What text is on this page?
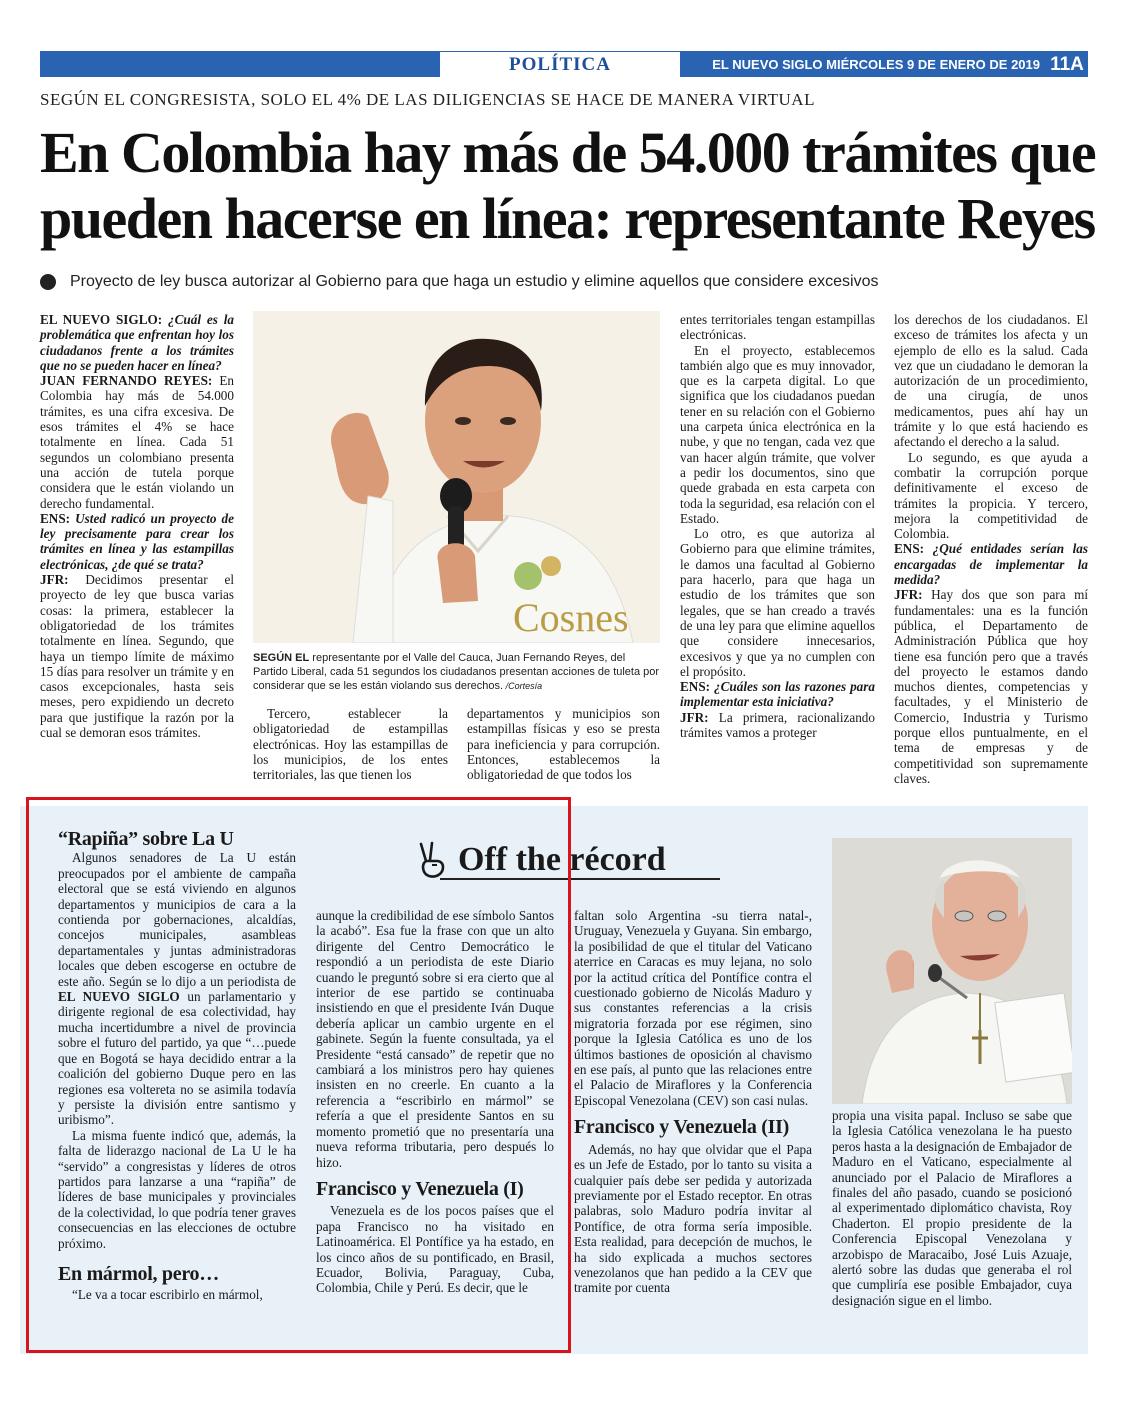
POLÍTICA	EL NUEVO SIGLO MIÉRCOLES 9 DE ENERO DE 2019 11A
SEGÚN EL CONGRESISTA, SOLO EL 4% DE LAS DILIGENCIAS SE HACE DE MANERA VIRTUAL
En Colombia hay más de 54.000 trámites que pueden hacerse en línea: representante Reyes
Proyecto de ley busca autorizar al Gobierno para que haga un estudio y elimine aquellos que considere excesivos

EL NUEVO SIGLO: ¿Cuál es la problemática que enfrentan hoy los ciudadanos frente a los trámites que no se pueden hacer en línea?

JUAN FERNANDO REYES: En Colombia hay más de 54.000 trámites, es una cifra excesiva. De esos trámites el 4% se hace totalmente en línea. Cada 51 segundos un colombiano presenta una acción de tutela porque considera que le están violando un derecho fundamental.

ENS: Usted radicó un proyecto de ley precisamente para crear los trámites en línea y las estampillas electrónicas, ¿de qué se trata?

JFR: Decidimos presentar el proyecto de ley que busca varias cosas: la primera, establecer la obligatoriedad de los trámites totalmente en línea. Segundo, que haya un tiempo límite de máximo 15 días para resolver un trámite y en casos excepcionales, hasta seis meses, pero expidiendo un decreto para que justifique la razón por la cual se demoran esos trámites.

Cosnes
SEGÚN EL representante por el Valle del Cauca, Juan Fernando Reyes, del Partido Liberal, cada 51 segundos los ciudadanos presentan acciones de tuleta por considerar que se les están violando sus derechos. /Cortesía

Tercero, establecer la obligatoriedad de estampillas electrónicas. Hoy las estampillas de los municipios, de los entes territoriales, las que tienen los

departamentos y municipios son estampillas físicas y eso se presta para ineficiencia y para corrupción. Entonces, establecemos la obligatoriedad de que todos los

entes territoriales tengan estampillas electrónicas.

En el proyecto, establecemos también algo que es muy innovador, que es la carpeta digital. Lo que significa que los ciudadanos puedan tener en su relación con el Gobierno una carpeta única electrónica en la nube, y que no tengan, cada vez que van hacer algún trámite, que volver a pedir los documentos, sino que quede grabada en esta carpeta con toda la seguridad, esa relación con el Estado.

Lo otro, es que autoriza al Gobierno para que elimine trámites, le damos una facultad al Gobierno para hacerlo, para que haga un estudio de los trámites que son legales, que se han creado a través de una ley para que elimine aquellos que considere innecesarios, excesivos y que ya no cumplen con el propósito.

ENS: ¿Cuáles son las razones para implementar esta iniciativa?

JFR: La primera, racionalizando trámites vamos a proteger

los derechos de los ciudadanos. El exceso de trámites los afecta y un ejemplo de ello es la salud. Cada vez que un ciudadano le demoran la autorización de un procedimiento, de una cirugía, de unos medicamentos, pues ahí hay un trámite y lo que está haciendo es afectando el derecho a la salud.

Lo segundo, es que ayuda a combatir la corrupción porque definitivamente el exceso de trámites la propicia. Y tercero, mejora la competitividad de Colombia.

ENS: ¿Qué entidades serían las encargadas de implementar la medida?

JFR: Hay dos que son para mí fundamentales: una es la función pública, el Departamento de Administración Pública que hoy tiene esa función pero que a través del proyecto le estamos dando muchos dientes, competencias y facultades, y el Ministerio de Comercio, Industria y Turismo porque ellos puntualmente, en el tema de empresas y de competitividad son supremamente claves.

Off the récord
“Rapiña” sobre La U

Algunos senadores de La U están preocupados por el ambiente de campaña electoral que se está viviendo en algunos departamentos y municipios de cara a la contienda por gobernaciones, alcaldías, concejos municipales, asambleas departamentales y juntas administradoras locales que deben escogerse en octubre de este año. Según se lo dijo a un periodista de EL NUEVO SIGLO un parlamentario y dirigente regional de esa colectividad, hay mucha incertidumbre a nivel de provincia sobre el futuro del partido, ya que “…puede que en Bogotá se haya decidido entrar a la coalición del gobierno Duque pero en las regiones esa voltereta no se asimila todavía y persiste la división entre santismo y uribismo”.

La misma fuente indicó que, además, la falta de liderazgo nacional de La U le ha “servido” a congresistas y líderes de otros partidos para lanzarse a una “rapiña” de líderes de base municipales y provinciales de la colectividad, lo que podría tener graves consecuencias en las elecciones de octubre próximo.

En mármol, pero…

“Le va a tocar escribirlo en mármol,

aunque la credibilidad de ese símbolo Santos la acabó”. Esa fue la frase con que un alto dirigente del Centro Democrático le respondió a un periodista de este Diario cuando le preguntó sobre si era cierto que al interior de ese partido se continuaba insistiendo en que el presidente Iván Duque debería aplicar un cambio urgente en el gabinete. Según la fuente consultada, ya el Presidente “está cansado” de repetir que no cambiará a los ministros pero hay quienes insisten en no creerle. En cuanto a la referencia a “escribirlo en mármol” se refería a que el presidente Santos en su momento prometió que no presentaría una nueva reforma tributaria, pero después lo hizo.

Francisco y Venezuela (I)

Venezuela es de los pocos países que el papa Francisco no ha visitado en Latinoamérica. El Pontífice ya ha estado, en los cinco años de su pontificado, en Brasil, Ecuador, Bolivia, Paraguay, Cuba, Colombia, Chile y Perú. Es decir, que le

faltan solo Argentina -su tierra natal-, Uruguay, Venezuela y Guyana. Sin embargo, la posibilidad de que el titular del Vaticano aterrice en Caracas es muy lejana, no solo por la actitud crítica del Pontífice contra el cuestionado gobierno de Nicolás Maduro y sus constantes referencias a la crisis migratoria forzada por ese régimen, sino porque la Iglesia Católica es uno de los últimos bastiones de oposición al chavismo en ese país, al punto que las relaciones entre el Palacio de Miraflores y la Conferencia Episcopal Venezolana (CEV) son casi nulas.

Francisco y Venezuela (II)

Además, no hay que olvidar que el Papa es un Jefe de Estado, por lo tanto su visita a cualquier país debe ser pedida y autorizada previamente por el Estado receptor. En otras palabras, solo Maduro podría invitar al Pontífice, de otra forma sería imposible. Esta realidad, para decepción de muchos, le ha sido explicada a muchos sectores venezolanos que han pedido a la CEV que tramite por cuenta

propia una visita papal. Incluso se sabe que la Iglesia Católica venezolana le ha puesto peros hasta a la designación de Embajador de Maduro en el Vaticano, especialmente al anunciado por el Palacio de Miraflores a finales del año pasado, cuando se posicionó al experimentado diplomático chavista, Roy Chaderton. El propio presidente de la Conferencia Episcopal Venezolana y arzobispo de Maracaibo, José Luis Azuaje, alertó sobre las dudas que generaba el rol que cumpliría ese posible Embajador, cuya designación sigue en el limbo.
